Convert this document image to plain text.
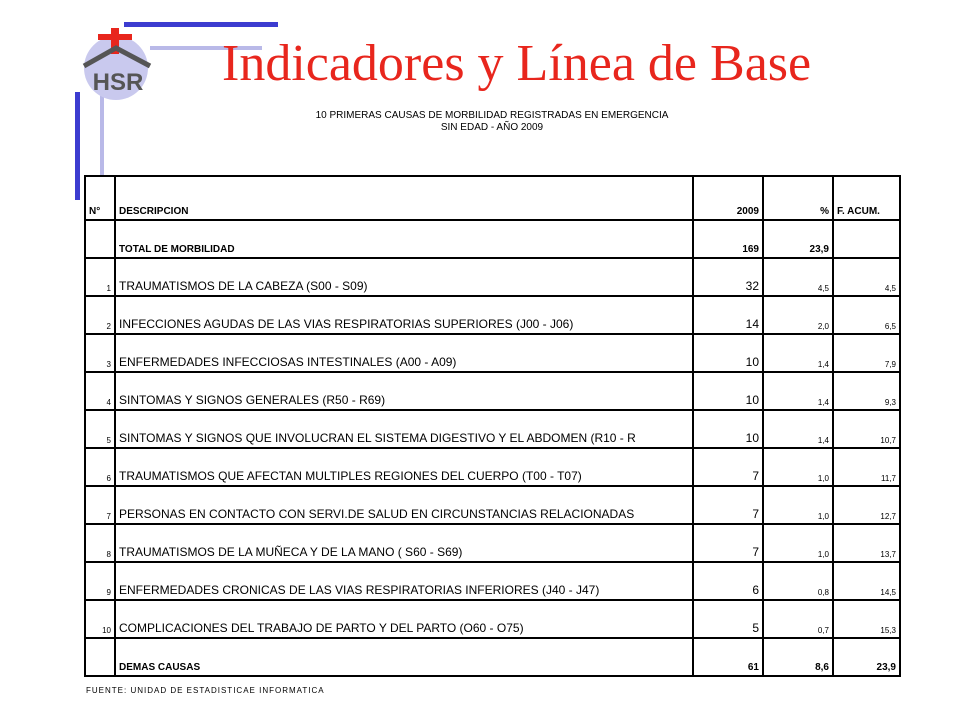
HSR Indicadores y Línea de Base
10 PRIMERAS CAUSAS DE MORBILIDAD REGISTRADAS EN EMERGENCIA
SIN EDAD - AÑO 2009
N°	DESCRIPCION	2009	%	F. ACUM.
	TOTAL DE MORBILIDAD	169	23,9	
1	TRAUMATISMOS DE LA CABEZA (S00 - S09)	32	4,5	4,5
2	INFECCIONES AGUDAS DE LAS VIAS RESPIRATORIAS SUPERIORES (J00 - J06)	14	2,0	6,5
3	ENFERMEDADES INFECCIOSAS INTESTINALES (A00 - A09)	10	1,4	7,9
4	SINTOMAS Y SIGNOS GENERALES (R50 - R69)	10	1,4	9,3
5	SINTOMAS Y SIGNOS QUE INVOLUCRAN EL SISTEMA DIGESTIVO Y EL ABDOMEN (R10 - R	10	1,4	10,7
6	TRAUMATISMOS QUE AFECTAN MULTIPLES REGIONES DEL CUERPO (T00 - T07)	7	1,0	11,7
7	PERSONAS EN CONTACTO CON SERVI.DE SALUD EN CIRCUNSTANCIAS RELACIONADAS	7	1,0	12,7
8	TRAUMATISMOS DE LA MUÑECA Y DE LA MANO ( S60 - S69)	7	1,0	13,7
9	ENFERMEDADES CRONICAS DE LAS VIAS RESPIRATORIAS INFERIORES (J40 - J47)	6	0,8	14,5
10	COMPLICACIONES DEL TRABAJO DE PARTO Y DEL PARTO (O60 - O75)	5	0,7	15,3
	DEMAS CAUSAS	61	8,6	23,9
FUENTE: UNIDAD DE ESTADISTICAE INFORMATICA
